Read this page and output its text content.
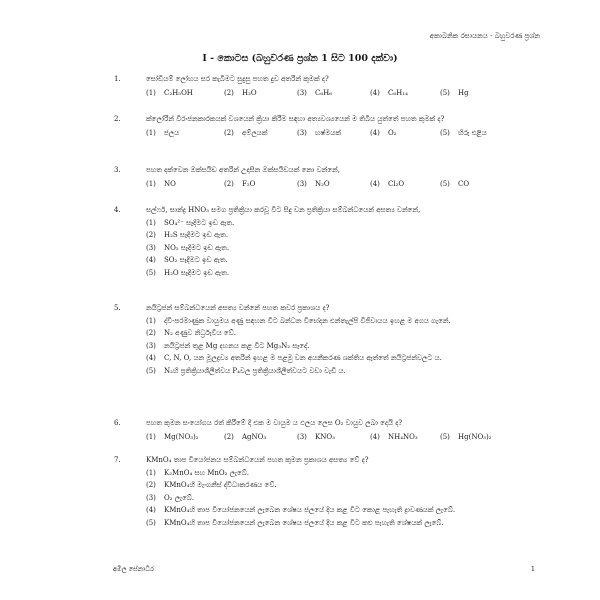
අකාබනික රසායනය - බහුවරණ ප්‍රශ්න
I - කොටස (බහුවරණ ප්‍රශ්න 1 සිට 100 දක්වා)
1.	සෝඩියම් ලෝහය සර කැබිමට සුදුසු පහත දුව අතරින් කුමක් ද?
(1)	C₂H₅OH	(2)	H₂O	(3)	C₆H₆	(4)	C₆H₁₄	(5)	Hg
2.	ක්ලෝරින් විරංජනකාරකයක් වශයෙන් ක්‍රියා කිරීම සඳහා අත්‍යවශ්‍යයෙන් ම තිබිය යුත්තේ පහත කුමක් ද?
(1)	ජලය	(2)	අම්ලයක්	(3)	හෂ්මයක්	(4)	O₂	(5)	හිරු එළිය
3.	පහත දක්වෙන ඔක්සයිඩ අතරින් උදාසීන ඔක්සයිඩයක් නො වන්නේ,
(1)	NO	(2)	F₂O	(3)	N₂O	(4)	Cl₂O	(5)	CO
4.	සල්ෆර්, සාන්ද්‍ර HNO₃ සමග ප්‍රතික්‍රියා කරවූ විට සිදු වන ප්‍රතික්‍රියා සම්බන්ධයෙන් අසත්‍ය වන්නේ,
(1)	SO₄²⁻ සෑදීමට ඉඩ ඇත.
(2)	H₂S සෑදීමට ඉඩ ඇත.
(3)	NO₂ සෑදීමට ඉඩ ඇත.
(4)	SO₂ සෑදීමට ඉඩ ඇත.
(5)	H₂O සෑදීමට ඉඩ ඇත.
5.	නයිට්‍රජන් සම්බන්ධයෙන් අසත්‍ය වන්නේ පහත කවර ප්‍රකාශය ද?
(1)	ද්වි-පරමාණුක වායුමය අණු සඳහන විට බන්ධන විභේදන එන්තැල්පි විජිවායය ඉහළ ම අගය ගැනේ.
(2)	N₂ අණුව නිර්ධ්‍රැවීය වේ.
(3)	නයිට්‍රජන් තුළ Mg දහනය කළ විට Mg₃N₂ සෑදේ.
(4)	C, N, O, යන මූලද්‍රව්‍ය අතරින් ඉහළ ම පළමු වන අයනීකරණ ශක්තිය ඇත්තේ නයිට්‍රජන්වලට ය.
(5)	N₂හි ප්‍රතික්‍රියාශීලීත්වය P₄වල ප්‍රතික්‍රියාශීලීත්වයට වඩා වැඩි ය.
6.	පහත කුමන සංයෝගය රත් කිරීමේ දී එක ම වායුම ය ඵලය ලෙස O₂ වායුව ලබා දෙයි ද?
(1)	Mg(NO₃)₂	(2)	AgNO₃	(3)	KNO₃	(4)	NH₄NO₃	(5)	Hg(NO₃)₂
7.	KMnO₄ තාප වියෝජනය සම්බන්ධයෙන් පහත කුමන ප්‍රකාශය අසත්‍ය වේ ද?
(1)	K₂MnO₄ සහ MnO₂ ලැබේ.
(2)	KMnO₄හි මැංගනීස් ද්විධාකරණය වේ.
(3)	O₂ ලැබේ.
(4)	KMnO₄හි තාප වියෝජනයෙන් ලැබෙන ශේෂය ජලයේ දිය කළ විට කොළ පැහැති ද්‍රාවණයක් ලැබේ.
(5)	KMnO₄හි තාප වියෝජනයෙන් ලැබෙන ශේෂය ජලයේ දිය කළ විට කළු පැහැති ශේෂයක් ලැබේ.
අමිල සේනාධිර	1
